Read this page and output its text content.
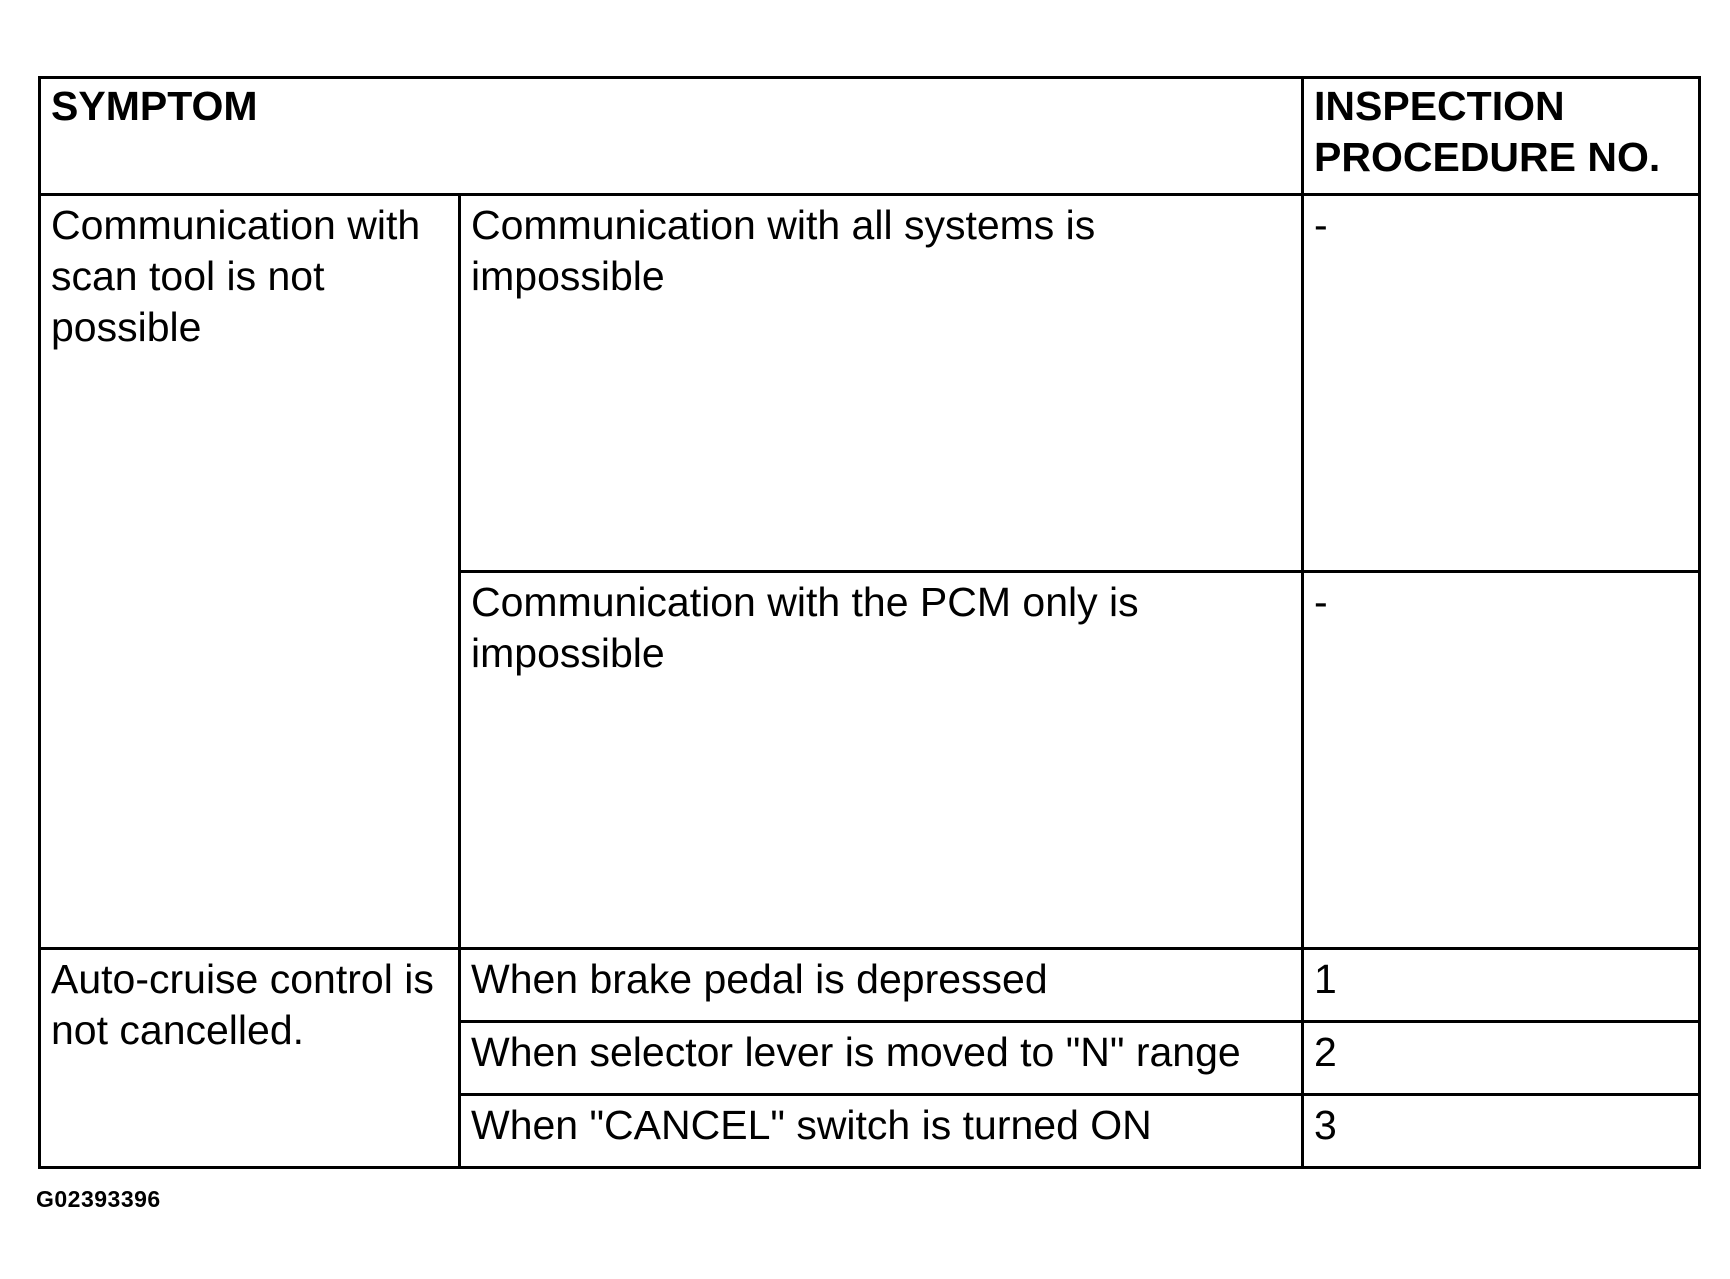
SYMPTOM		INSPECTION
PROCEDURE NO.
Communication with scan tool is not possible	Communication with all systems is impossible	-
	Communication with the PCM only is impossible	-
Auto-cruise control is not cancelled.	When brake pedal is depressed	1
	When selector lever is moved to "N" range	2
	When "CANCEL" switch is turned ON	3
G02393396
